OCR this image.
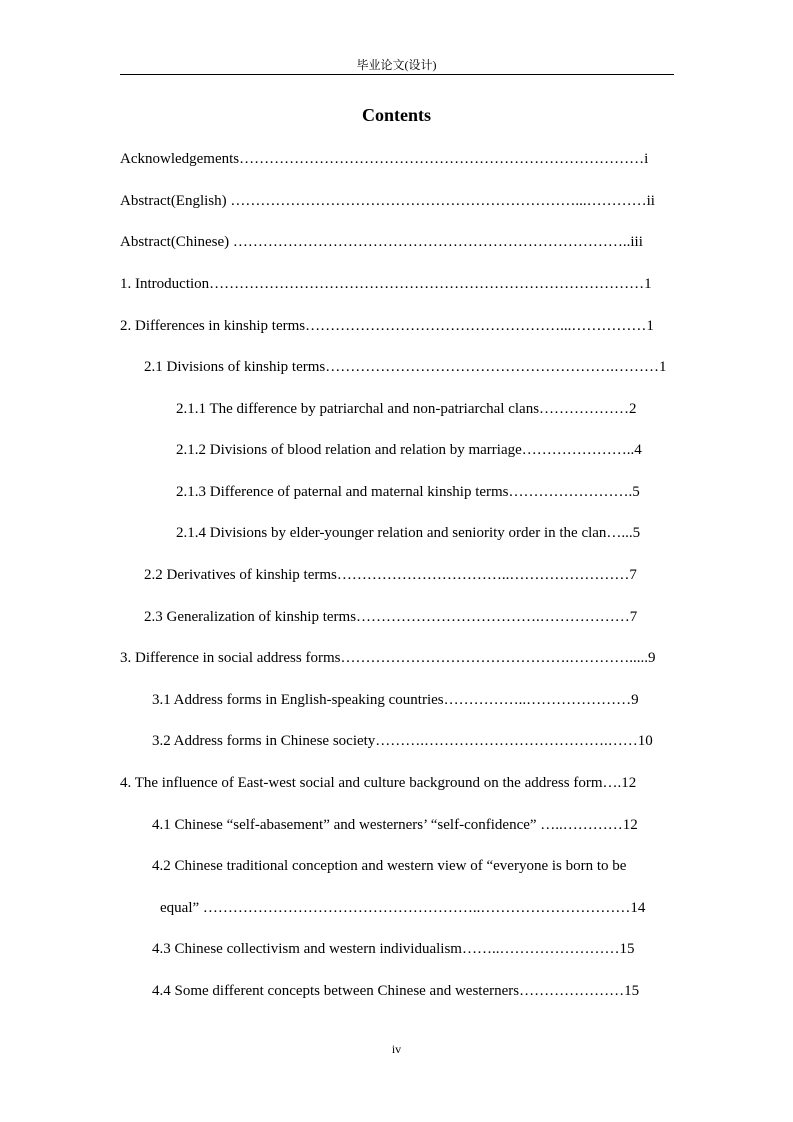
毕业论文(设计)
Contents
Acknowledgements………………………………………………………………………i
Abstract(English) ……………………………………………………………...…………ii
Abstract(Chinese) ……………………………………………………………………..iii
1. Introduction……………………………………………………………………………1
2. Differences in kinship terms……………………………………………...……………1
2.1 Divisions of kinship terms………………………………………………….………1
2.1.1 The difference by patriarchal and non-patriarchal clans………………2
2.1.2 Divisions of blood relation and relation by marriage…………………..4
2.1.3 Difference of paternal and maternal kinship terms…………………….5
2.1.4 Divisions by elder-younger relation and seniority order in the clan…...5
2.2 Derivatives of kinship terms……………………………..……………………7
2.3 Generalization of kinship terms……………………………….………………7
3. Difference in social address forms……………………………………….………….....9
3.1 Address forms in English-speaking countries……………..…………………9
3.2 Address forms in Chinese society……….……………………………….……10
4. The influence of East-west social and culture background on the address form….12
4.1 Chinese “self-abasement” and westerners’ “self-confidence” …..…………12
4.2 Chinese traditional conception and western view of “everyone is born to be
equal” ………………………………………………..…………………………14
4.3 Chinese collectivism and western individualism……..……………………15
4.4 Some different concepts between Chinese and westerners…………………15
iv
